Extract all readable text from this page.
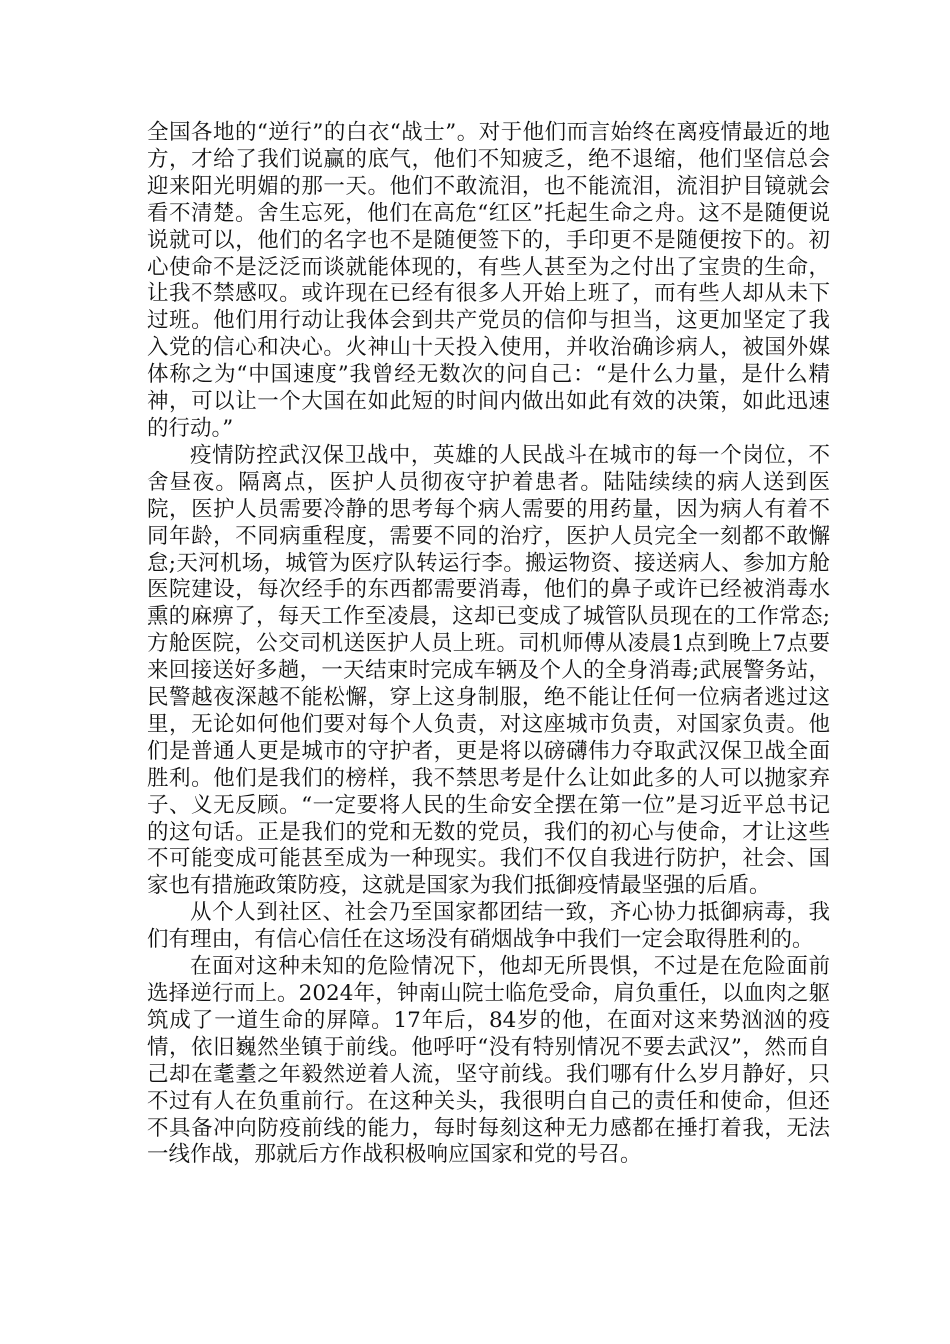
全国各地的“逆行”的白衣“战士”。对于他们而言始终在离疫情最近的地方，才给了我们说赢的底气，他们不知疲乏，绝不退缩，他们坚信总会迎来阳光明媚的那一天。他们不敢流泪，也不能流泪，流泪护目镜就会看不清楚。舍生忘死，他们在高危“红区”托起生命之舟。这不是随便说说就可以，他们的名字也不是随便签下的，手印更不是随便按下的。初心使命不是泛泛而谈就能体现的，有些人甚至为之付出了宝贵的生命，让我不禁感叹。或许现在已经有很多人开始上班了，而有些人却从未下过班。他们用行动让我体会到共产党员的信仰与担当，这更加坚定了我入党的信心和决心。火神山十天投入使用，并收治确诊病人，被国外媒体称之为“中国速度”我曾经无数次的问自己：“是什么力量，是什么精神，可以让一个大国在如此短的时间内做出如此有效的决策，如此迅速的行动。”

疫情防控武汉保卫战中，英雄的人民战斗在城市的每一个岗位，不舍昼夜。隔离点，医护人员彻夜守护着患者。陆陆续续的病人送到医院，医护人员需要冷静的思考每个病人需要的用药量，因为病人有着不同年龄，不同病重程度，需要不同的治疗，医护人员完全一刻都不敢懈怠;天河机场，城管为医疗队转运行李。搬运物资、接送病人、参加方舱医院建设，每次经手的东西都需要消毒，他们的鼻子或许已经被消毒水熏的麻痹了，每天工作至凌晨，这却已变成了城管队员现在的工作常态;方舱医院，公交司机送医护人员上班。司机师傅从凌晨1点到晚上7点要来回接送好多趟，一天结束时完成车辆及个人的全身消毒;武展警务站，民警越夜深越不能松懈，穿上这身制服，绝不能让任何一位病者逃过这里，无论如何他们要对每个人负责，对这座城市负责，对国家负责。他们是普通人更是城市的守护者，更是将以磅礴伟力夺取武汉保卫战全面胜利。他们是我们的榜样，我不禁思考是什么让如此多的人可以抛家弃子、义无反顾。“一定要将人民的生命安全摆在第一位”是习近平总书记的这句话。正是我们的党和无数的党员，我们的初心与使命，才让这些不可能变成可能甚至成为一种现实。我们不仅自我进行防护，社会、国家也有措施政策防疫，这就是国家为我们抵御疫情最坚强的后盾。

从个人到社区、社会乃至国家都团结一致，齐心协力抵御病毒，我们有理由，有信心信任在这场没有硝烟战争中我们一定会取得胜利的。

在面对这种未知的危险情况下，他却无所畏惧，不过是在危险面前选择逆行而上。2024年，钟南山院士临危受命，肩负重任，以血肉之躯筑成了一道生命的屏障。17年后，84岁的他，在面对这来势汹汹的疫情，依旧巍然坐镇于前线。他呼吁“没有特别情况不要去武汉”，然而自己却在耄耋之年毅然逆着人流，坚守前线。我们哪有什么岁月静好，只不过有人在负重前行。在这种关头，我很明白自己的责任和使命，但还不具备冲向防疫前线的能力，每时每刻这种无力感都在捶打着我，无法一线作战，那就后方作战积极响应国家和党的号召。
